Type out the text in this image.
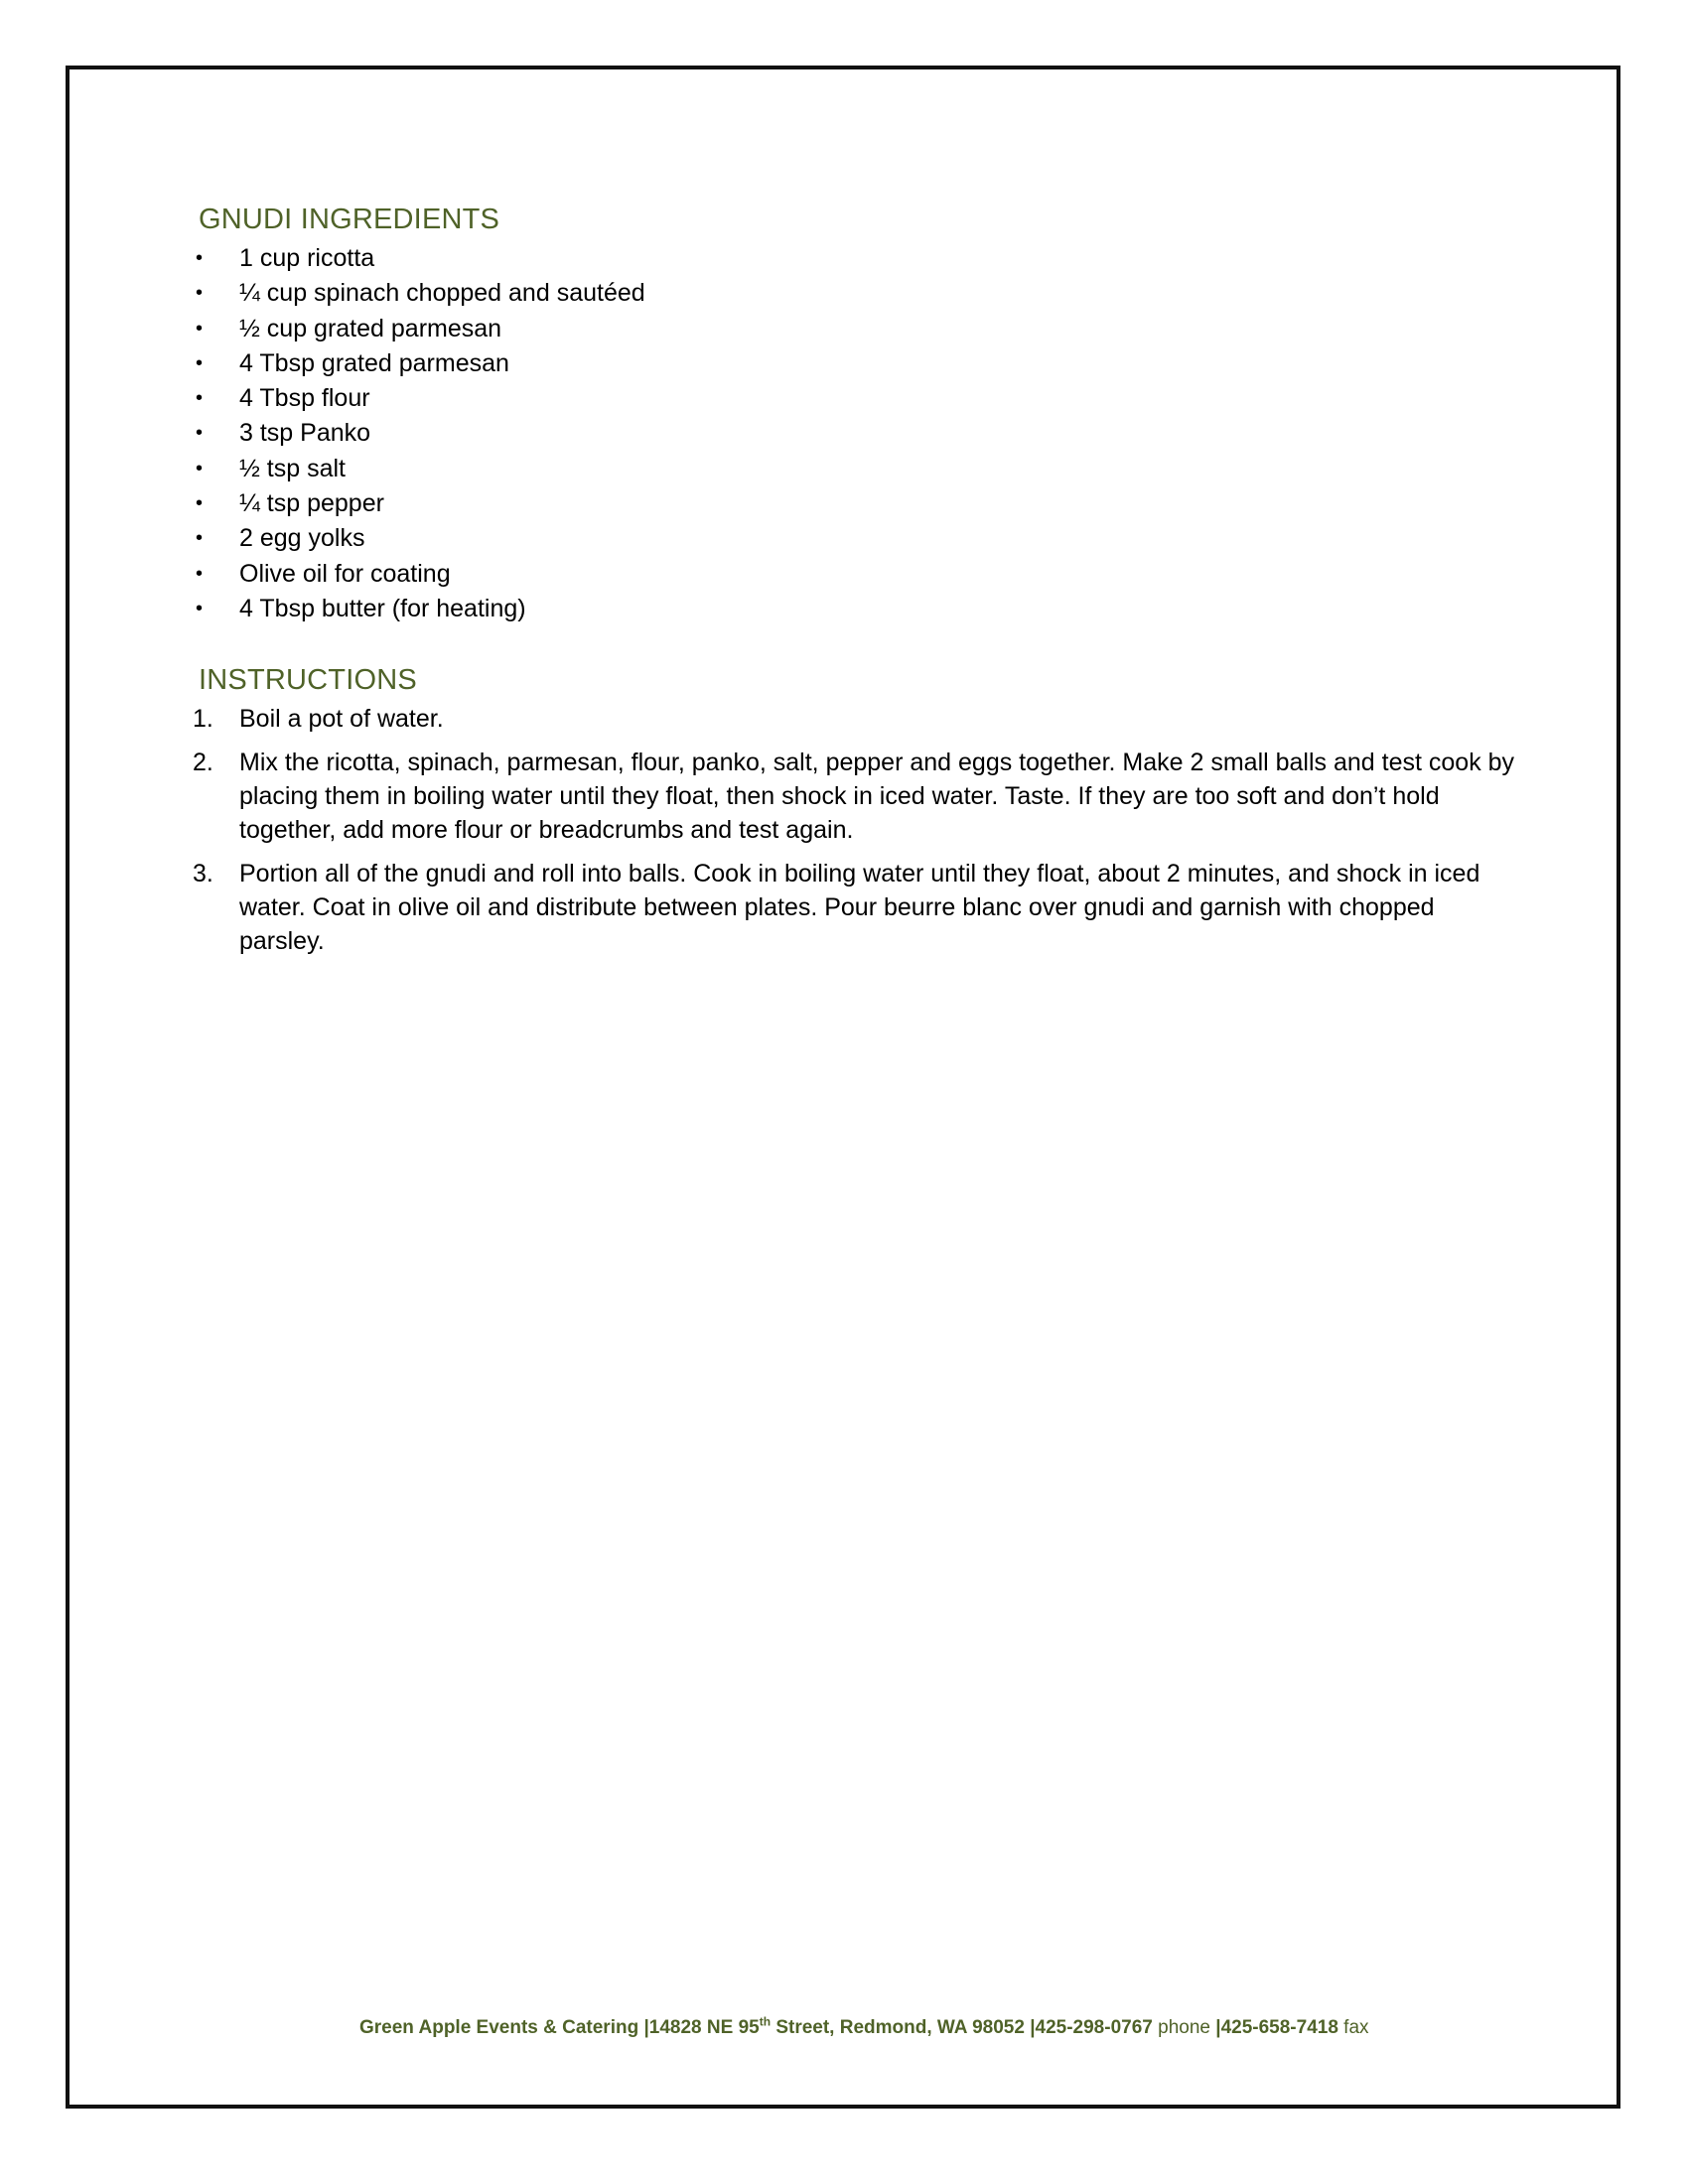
GNUDI INGREDIENTS
• 1 cup ricotta
• ¼ cup spinach chopped and sautéed
• ½ cup grated parmesan
• 4 Tbsp grated parmesan
• 4 Tbsp flour
• 3 tsp Panko
• ½ tsp salt
• ¼ tsp pepper
• 2 egg yolks
• Olive oil for coating
• 4 Tbsp butter (for heating)
INSTRUCTIONS
1. Boil a pot of water.
2. Mix the ricotta, spinach, parmesan, flour, panko, salt, pepper and eggs together. Make 2 small balls and test cook by placing them in boiling water until they float, then shock in iced water. Taste. If they are too soft and don’t hold together, add more flour or breadcrumbs and test again.
3. Portion all of the gnudi and roll into balls. Cook in boiling water until they float, about 2 minutes, and shock in iced water. Coat in olive oil and distribute between plates. Pour beurre blanc over gnudi and garnish with chopped parsley.
Green Apple Events & Catering |14828 NE 95th Street, Redmond, WA 98052 |425-298-0767 phone |425-658-7418 fax
